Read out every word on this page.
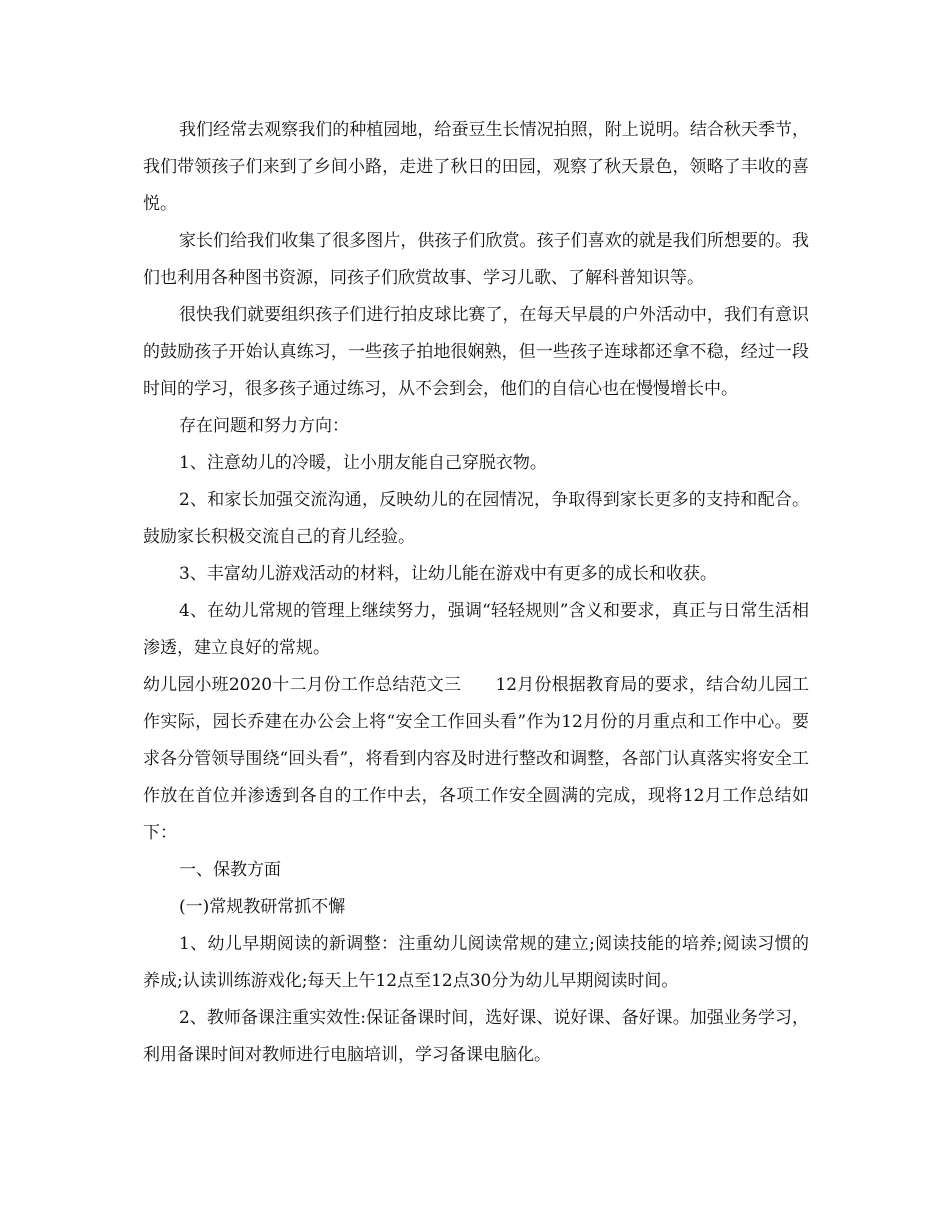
我们经常去观察我们的种植园地，给蚕豆生长情况拍照，附上说明。结合秋天季节，我们带领孩子们来到了乡间小路，走进了秋日的田园，观察了秋天景色，领略了丰收的喜悦。

家长们给我们收集了很多图片，供孩子们欣赏。孩子们喜欢的就是我们所想要的。我们也利用各种图书资源，同孩子们欣赏故事、学习儿歌、了解科普知识等。

很快我们就要组织孩子们进行拍皮球比赛了，在每天早晨的户外活动中，我们有意识的鼓励孩子开始认真练习，一些孩子拍地很娴熟，但一些孩子连球都还拿不稳，经过一段时间的学习，很多孩子通过练习，从不会到会，他们的自信心也在慢慢增长中。

存在问题和努力方向：

1、注意幼儿的冷暖，让小朋友能自己穿脱衣物。

2、和家长加强交流沟通，反映幼儿的在园情况，争取得到家长更多的支持和配合。鼓励家长积极交流自己的育儿经验。

3、丰富幼儿游戏活动的材料，让幼儿能在游戏中有更多的成长和收获。

4、在幼儿常规的管理上继续努力，强调“轻轻规则”含义和要求，真正与日常生活相渗透，建立良好的常规。

幼儿园小班2020十二月份工作总结范文三　　12月份根据教育局的要求，结合幼儿园工作实际，园长乔建在办公会上将“安全工作回头看”作为12月份的月重点和工作中心。要求各分管领导围绕“回头看”，将看到内容及时进行整改和调整，各部门认真落实将安全工作放在首位并渗透到各自的工作中去，各项工作安全圆满的完成，现将12月工作总结如下：

一、保教方面

(一)常规教研常抓不懈

1、幼儿早期阅读的新调整：注重幼儿阅读常规的建立;阅读技能的培养;阅读习惯的养成;认读训练游戏化;每天上午12点至12点30分为幼儿早期阅读时间。

2、教师备课注重实效性:保证备课时间，选好课、说好课、备好课。加强业务学习，利用备课时间对教师进行电脑培训，学习备课电脑化。
